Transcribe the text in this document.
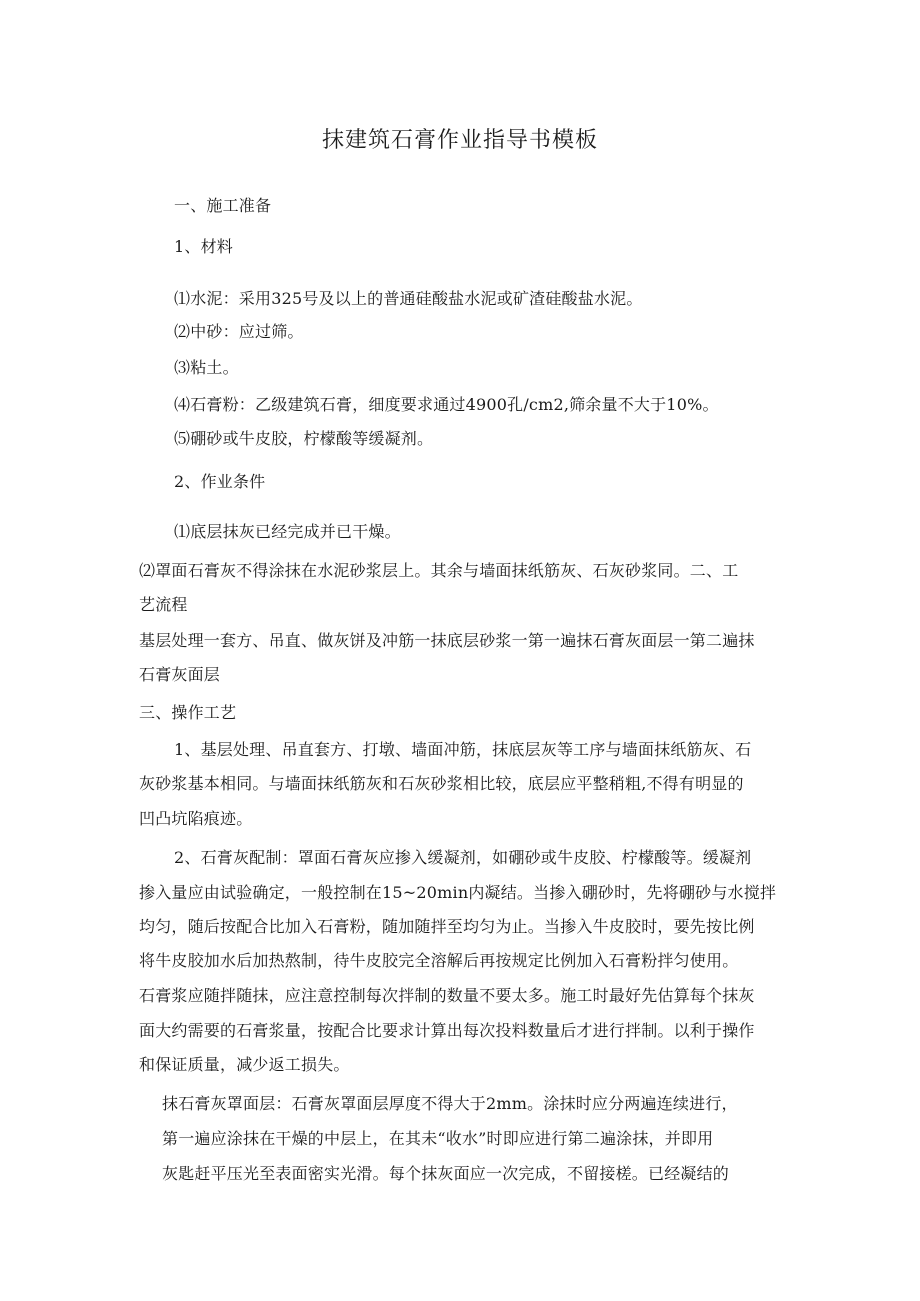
抹建筑石膏作业指导书模板
一、施工准备
1、材料
⑴水泥：采用325号及以上的普通硅酸盐水泥或矿渣硅酸盐水泥。
⑵中砂：应过筛。
⑶粘土。
⑷石膏粉：乙级建筑石膏，细度要求通过4900孔/cm2,筛余量不大于10%。
⑸硼砂或牛皮胶，柠檬酸等缓凝剂。
2、作业条件
⑴底层抹灰已经完成并已干燥。
⑵罩面石膏灰不得涂抹在水泥砂浆层上。其余与墙面抹纸筋灰、石灰砂浆同。二、工
艺流程
基层处理一套方、吊直、做灰饼及冲筋一抹底层砂浆一第一遍抹石膏灰面层一第二遍抹
石膏灰面层
三、操作工艺
1、基层处理、吊直套方、打墩、墙面冲筋，抹底层灰等工序与墙面抹纸筋灰、石
灰砂浆基本相同。与墙面抹纸筋灰和石灰砂浆相比较，底层应平整稍粗,不得有明显的
凹凸坑陷痕迹。
2、石膏灰配制：罩面石膏灰应掺入缓凝剂，如硼砂或牛皮胶、柠檬酸等。缓凝剂
掺入量应由试验确定，一般控制在15~20min内凝结。当掺入硼砂时，先将硼砂与水搅拌
均匀，随后按配合比加入石膏粉，随加随拌至均匀为止。当掺入牛皮胶时，要先按比例
将牛皮胶加水后加热熬制，待牛皮胶完全溶解后再按规定比例加入石膏粉拌匀使用。
石膏浆应随拌随抹，应注意控制每次拌制的数量不要太多。施工时最好先估算每个抹灰
面大约需要的石膏浆量，按配合比要求计算出每次投料数量后才进行拌制。以利于操作
和保证质量，减少返工损失。
抹石膏灰罩面层：石膏灰罩面层厚度不得大于2mm。涂抹时应分两遍连续进行，
第一遍应涂抹在干燥的中层上，在其未“收水”时即应进行第二遍涂抹，并即用
灰匙赶平压光至表面密实光滑。每个抹灰面应一次完成，不留接槎。已经凝结的
